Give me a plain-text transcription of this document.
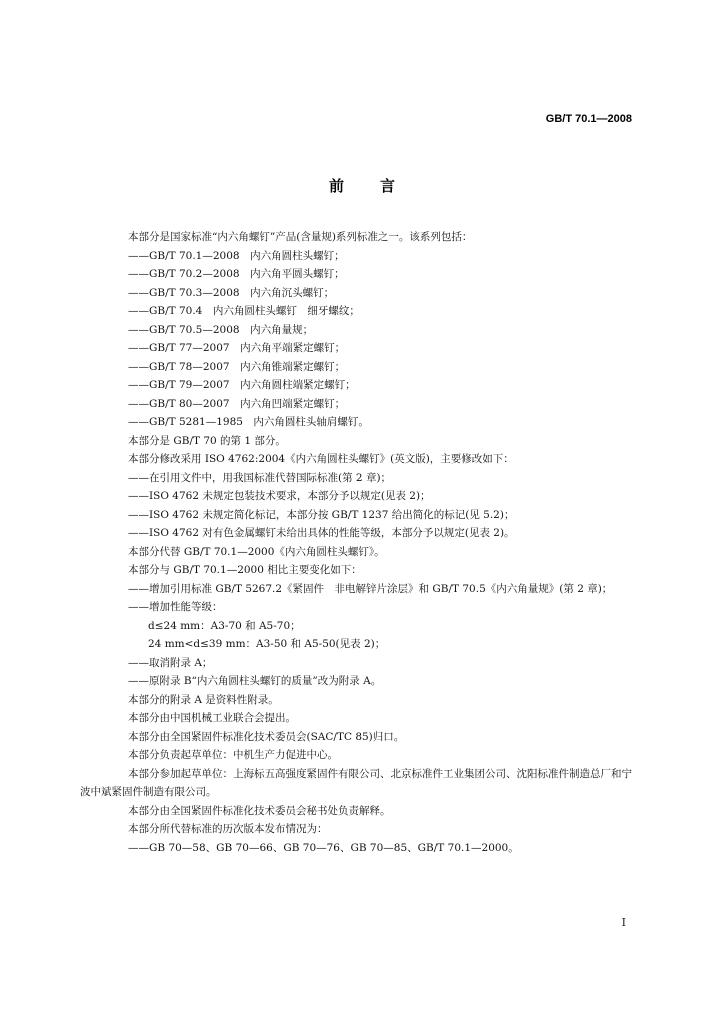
GB/T 70.1—2008
前言
本部分是国家标准“内六角螺钉”产品(含量规)系列标准之一。该系列包括：
——GB/T 70.1—2008　内六角圆柱头螺钉；
——GB/T 70.2—2008　内六角平圆头螺钉；
——GB/T 70.3—2008　内六角沉头螺钉；
——GB/T 70.4　内六角圆柱头螺钉　细牙螺纹；
——GB/T 70.5—2008　内六角量规；
——GB/T 77—2007　内六角平端紧定螺钉；
——GB/T 78—2007　内六角锥端紧定螺钉；
——GB/T 79—2007　内六角圆柱端紧定螺钉；
——GB/T 80—2007　内六角凹端紧定螺钉；
——GB/T 5281—1985　内六角圆柱头轴肩螺钉。
本部分是 GB/T 70 的第 1 部分。
本部分修改采用 ISO 4762:2004《内六角圆柱头螺钉》(英文版)，主要修改如下：
——在引用文件中，用我国标准代替国际标准(第 2 章)；
——ISO 4762 未规定包装技术要求，本部分予以规定(见表 2)；
——ISO 4762 未规定简化标记，本部分按 GB/T 1237 给出简化的标记(见 5.2)；
——ISO 4762 对有色金属螺钉未给出具体的性能等级，本部分予以规定(见表 2)。
本部分代替 GB/T 70.1—2000《内六角圆柱头螺钉》。
本部分与 GB/T 70.1—2000 相比主要变化如下：
——增加引用标准 GB/T 5267.2《紧固件　非电解锌片涂层》和 GB/T 70.5《内六角量规》(第 2 章)；
——增加性能等级：
d≤24 mm：A3-70 和 A5-70；
24 mm<d≤39 mm：A3-50 和 A5-50(见表 2)；
——取消附录 A；
——原附录 B“内六角圆柱头螺钉的质量”改为附录 A。
本部分的附录 A 是资料性附录。
本部分由中国机械工业联合会提出。
本部分由全国紧固件标准化技术委员会(SAC/TC 85)归口。
本部分负责起草单位：中机生产力促进中心。
本部分参加起草单位：上海标五高强度紧固件有限公司、北京标准件工业集团公司、沈阳标准件制造总厂和宁波中斌紧固件制造有限公司。
本部分由全国紧固件标准化技术委员会秘书处负责解释。
本部分所代替标准的历次版本发布情况为：
——GB 70—58、GB 70—66、GB 70—76、GB 70—85、GB/T 70.1—2000。
I
